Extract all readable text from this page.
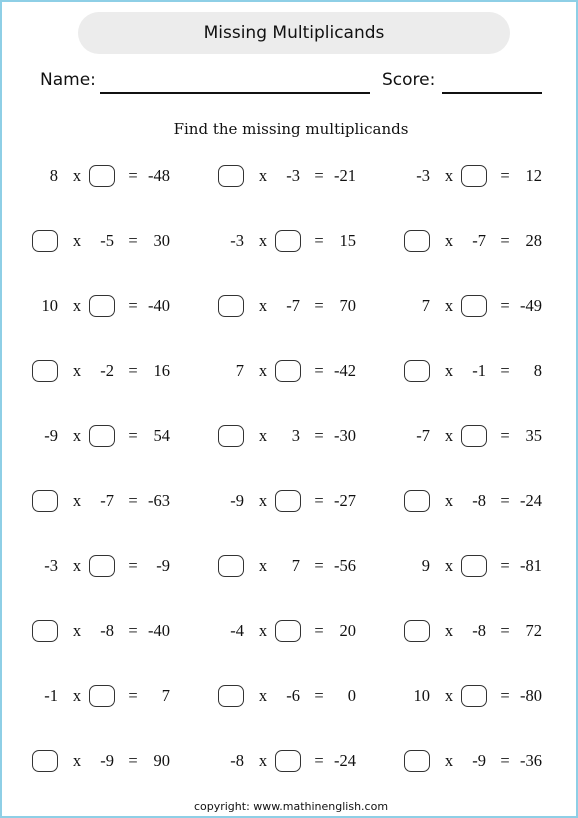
Missing Multiplicands
Name:	Score:
Find the missing multiplicands
8 x	= -48	x	-3 = -21	-3 x	= 12
x	-5 = 30	-3 x	= 15	x	-7 = 28
10 x	= -40	x	-7 = 70	7 x	= -49
x	-2 = 16	7 x	= -42	x	-1 =	8
-9 x	= 54	x	3 = -30	-7 x	= 35
x	-7 = -63	-9 x	= -27	x	-8 = -24
-3 x	=	-9	x	7 = -56	9 x	= -81
x	-8 = -40	-4 x	= 20	x	-8 = 72
-1 x	=	7	x	-6 =	0	10 x	= -80
x	-9 = 90	-8 x	= -24	x	-9 = -36
copyright: www.mathinenglish.com
